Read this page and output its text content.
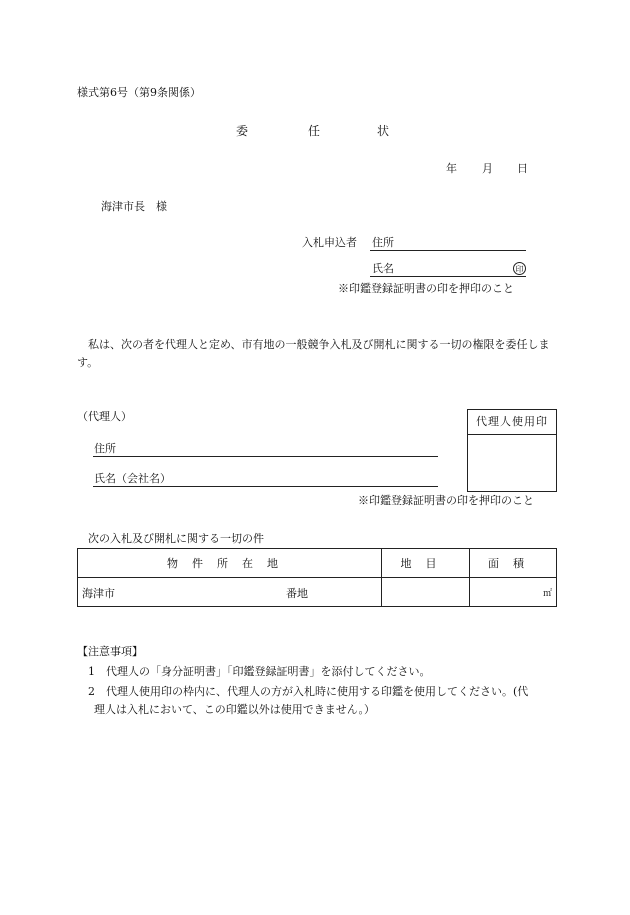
様式第6号（第9条関係）
委	任	状
年 月 日
海津市長　様
入札申込者 住所
氏名	印
※印鑑登録証明書の印を押印のこと
私は、次の者を代理人と定め、市有地の一般競争入札及び開札に関する一切の権限を委任します。
（代理人）
住所
氏名（会社名）
代理人使用印
※印鑑登録証明書の印を押印のこと
次の入札及び開札に関する一切の件
物件所在地	地目	面積

海津市 番地		㎡
【注意事項】
1 代理人の「身分証明書」「印鑑登録証明書」を添付してください。
2 代理人使用印の枠内に、代理人の方が入札時に使用する印鑑を使用してください。(代
理人は入札において、この印鑑以外は使用できません。）
